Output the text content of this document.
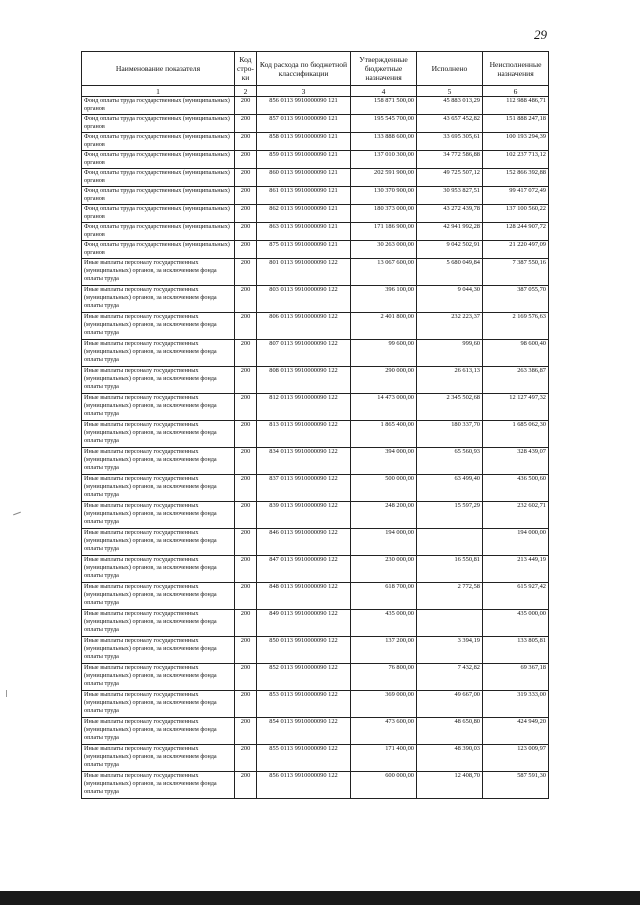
29
Наименование показателя	Код стро-ки	Код расхода по бюджетной классификации	Утвержденные бюджетные назначения	Исполнено	Неисполненные назначения
1	2	3	4	5	6
Фонд оплаты труда государственных (муниципальных) органов	200	856 0113 9910000090 121	158 871 500,00	45 883 013,29	112 988 486,71
Фонд оплаты труда государственных (муниципальных) органов	200	857 0113 9910000090 121	195 545 700,00	43 657 452,82	151 888 247,18
Фонд оплаты труда государственных (муниципальных) органов	200	858 0113 9910000090 121	133 888 600,00	33 695 305,61	100 193 294,39
Фонд оплаты труда государственных (муниципальных) органов	200	859 0113 9910000090 121	137 010 300,00	34 772 586,88	102 237 713,12
Фонд оплаты труда государственных (муниципальных) органов	200	860 0113 9910000090 121	202 591 900,00	49 725 507,12	152 866 392,88
Фонд оплаты труда государственных (муниципальных) органов	200	861 0113 9910000090 121	130 370 900,00	30 953 827,51	99 417 072,49
Фонд оплаты труда государственных (муниципальных) органов	200	862 0113 9910000090 121	180 373 000,00	43 272 439,78	137 100 560,22
Фонд оплаты труда государственных (муниципальных) органов	200	863 0113 9910000090 121	171 186 900,00	42 941 992,28	128 244 907,72
Фонд оплаты труда государственных (муниципальных) органов	200	875 0113 9910000090 121	30 263 000,00	9 042 502,91	21 220 497,09
Иные выплаты персоналу государственных (муниципальных) органов, за исключением фонда оплаты труда	200	801 0113 9910000090 122	13 067 600,00	5 680 049,84	7 387 550,16
Иные выплаты персоналу государственных (муниципальных) органов, за исключением фонда оплаты труда	200	803 0113 9910000090 122	396 100,00	9 044,30	387 055,70
Иные выплаты персоналу государственных (муниципальных) органов, за исключением фонда оплаты труда	200	806 0113 9910000090 122	2 401 800,00	232 223,37	2 169 576,63
Иные выплаты персоналу государственных (муниципальных) органов, за исключением фонда оплаты труда	200	807 0113 9910000090 122	99 600,00	999,60	98 600,40
Иные выплаты персоналу государственных (муниципальных) органов, за исключением фонда оплаты труда	200	808 0113 9910000090 122	290 000,00	26 613,13	263 386,87
Иные выплаты персоналу государственных (муниципальных) органов, за исключением фонда оплаты труда	200	812 0113 9910000090 122	14 473 000,00	2 345 502,68	12 127 497,32
Иные выплаты персоналу государственных (муниципальных) органов, за исключением фонда оплаты труда	200	813 0113 9910000090 122	1 865 400,00	180 337,70	1 685 062,30
Иные выплаты персоналу государственных (муниципальных) органов, за исключением фонда оплаты труда	200	834 0113 9910000090 122	394 000,00	65 560,93	328 439,07
Иные выплаты персоналу государственных (муниципальных) органов, за исключением фонда оплаты труда	200	837 0113 9910000090 122	500 000,00	63 499,40	436 500,60
Иные выплаты персоналу государственных (муниципальных) органов, за исключением фонда оплаты труда	200	839 0113 9910000090 122	248 200,00	15 597,29	232 602,71
Иные выплаты персоналу государственных (муниципальных) органов, за исключением фонда оплаты труда	200	846 0113 9910000090 122	194 000,00		194 000,00
Иные выплаты персоналу государственных (муниципальных) органов, за исключением фонда оплаты труда	200	847 0113 9910000090 122	230 000,00	16 550,81	213 449,19
Иные выплаты персоналу государственных (муниципальных) органов, за исключением фонда оплаты труда	200	848 0113 9910000090 122	618 700,00	2 772,58	615 927,42
Иные выплаты персоналу государственных (муниципальных) органов, за исключением фонда оплаты труда	200	849 0113 9910000090 122	435 000,00		435 000,00
Иные выплаты персоналу государственных (муниципальных) органов, за исключением фонда оплаты труда	200	850 0113 9910000090 122	137 200,00	3 394,19	133 805,81
Иные выплаты персоналу государственных (муниципальных) органов, за исключением фонда оплаты труда	200	852 0113 9910000090 122	76 800,00	7 432,82	69 367,18
Иные выплаты персоналу государственных (муниципальных) органов, за исключением фонда оплаты труда	200	853 0113 9910000090 122	369 000,00	49 667,00	319 333,00
Иные выплаты персоналу государственных (муниципальных) органов, за исключением фонда оплаты труда	200	854 0113 9910000090 122	473 600,00	48 650,80	424 949,20
Иные выплаты персоналу государственных (муниципальных) органов, за исключением фонда оплаты труда	200	855 0113 9910000090 122	171 400,00	48 390,03	123 009,97
Иные выплаты персоналу государственных (муниципальных) органов, за исключением фонда оплаты труда	200	856 0113 9910000090 122	600 000,00	12 408,70	587 591,30
